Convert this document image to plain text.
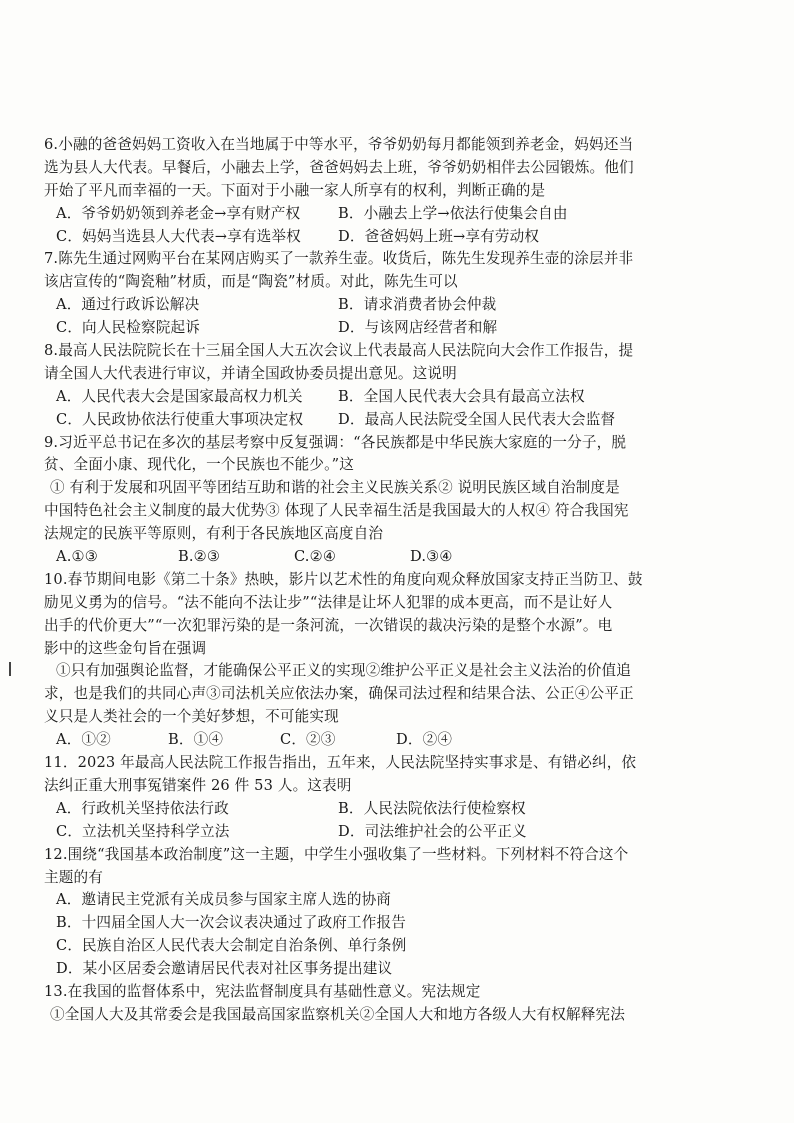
6.小融的爸爸妈妈工资收入在当地属于中等水平，爷爷奶奶每月都能领到养老金，妈妈还当
选为县人大代表。早餐后，小融去上学，爸爸妈妈去上班，爷爷奶奶相伴去公园锻炼。他们
开始了平凡而幸福的一天。下面对于小融一家人所享有的权利，判断正确的是
A．爷爷奶奶领到养老金→享有财产权	B．小融去上学→依法行使集会自由
C．妈妈当选县人大代表→享有选举权	D．爸爸妈妈上班→享有劳动权
7.陈先生通过网购平台在某网店购买了一款养生壶。收货后，陈先生发现养生壶的涂层并非
该店宣传的“陶瓷釉”材质，而是“陶瓷”材质。对此，陈先生可以
A．通过行政诉讼解决	B．请求消费者协会仲裁
C．向人民检察院起诉	D．与该网店经营者和解
8.最高人民法院院长在十三届全国人大五次会议上代表最高人民法院向大会作工作报告，提
请全国人大代表进行审议，并请全国政协委员提出意见。这说明
A．人民代表大会是国家最高权力机关	B．全国人民代表大会具有最高立法权
C．人民政协依法行使重大事项决定权	D．最高人民法院受全国人民代表大会监督
9.习近平总书记在多次的基层考察中反复强调：“各民族都是中华民族大家庭的一分子，脱
贫、全面小康、现代化，一个民族也不能少。”这
① 有利于发展和巩固平等团结互助和谐的社会主义民族关系② 说明民族区域自治制度是
中国特色社会主义制度的最大优势③ 体现了人民幸福生活是我国最大的人权④ 符合我国宪
法规定的民族平等原则，有利于各民族地区高度自治
A.①③	B.②③	C.②④	D.③④
10.春节期间电影《第二十条》热映，影片以艺术性的角度向观众释放国家支持正当防卫、鼓
励见义勇为的信号。“法不能向不法让步”“法律是让坏人犯罪的成本更高，而不是让好人
出手的代价更大”“一次犯罪污染的是一条河流，一次错误的裁决污染的是整个水源”。电
影中的这些金句旨在强调
①只有加强舆论监督，才能确保公平正义的实现②维护公平正义是社会主义法治的价值追
求，也是我们的共同心声③司法机关应依法办案，确保司法过程和结果合法、公正④公平正
义只是人类社会的一个美好梦想，不可能实现
A．①②	B．①④	C．②③	D．②④
11．2023 年最高人民法院工作报告指出，五年来，人民法院坚持实事求是、有错必纠，依
法纠正重大刑事冤错案件 26 件 53 人。这表明
A．行政机关坚持依法行政	B．人民法院依法行使检察权
C．立法机关坚持科学立法	D．司法维护社会的公平正义
12.围绕“我国基本政治制度”这一主题，中学生小强收集了一些材料。下列材料不符合这个
主题的有
A．邀请民主党派有关成员参与国家主席人选的协商
B．十四届全国人大一次会议表决通过了政府工作报告
C．民族自治区人民代表大会制定自治条例、单行条例
D．某小区居委会邀请居民代表对社区事务提出建议
13.在我国的监督体系中，宪法监督制度具有基础性意义。宪法规定
①全国人大及其常委会是我国最高国家监察机关②全国人大和地方各级人大有权解释宪法
